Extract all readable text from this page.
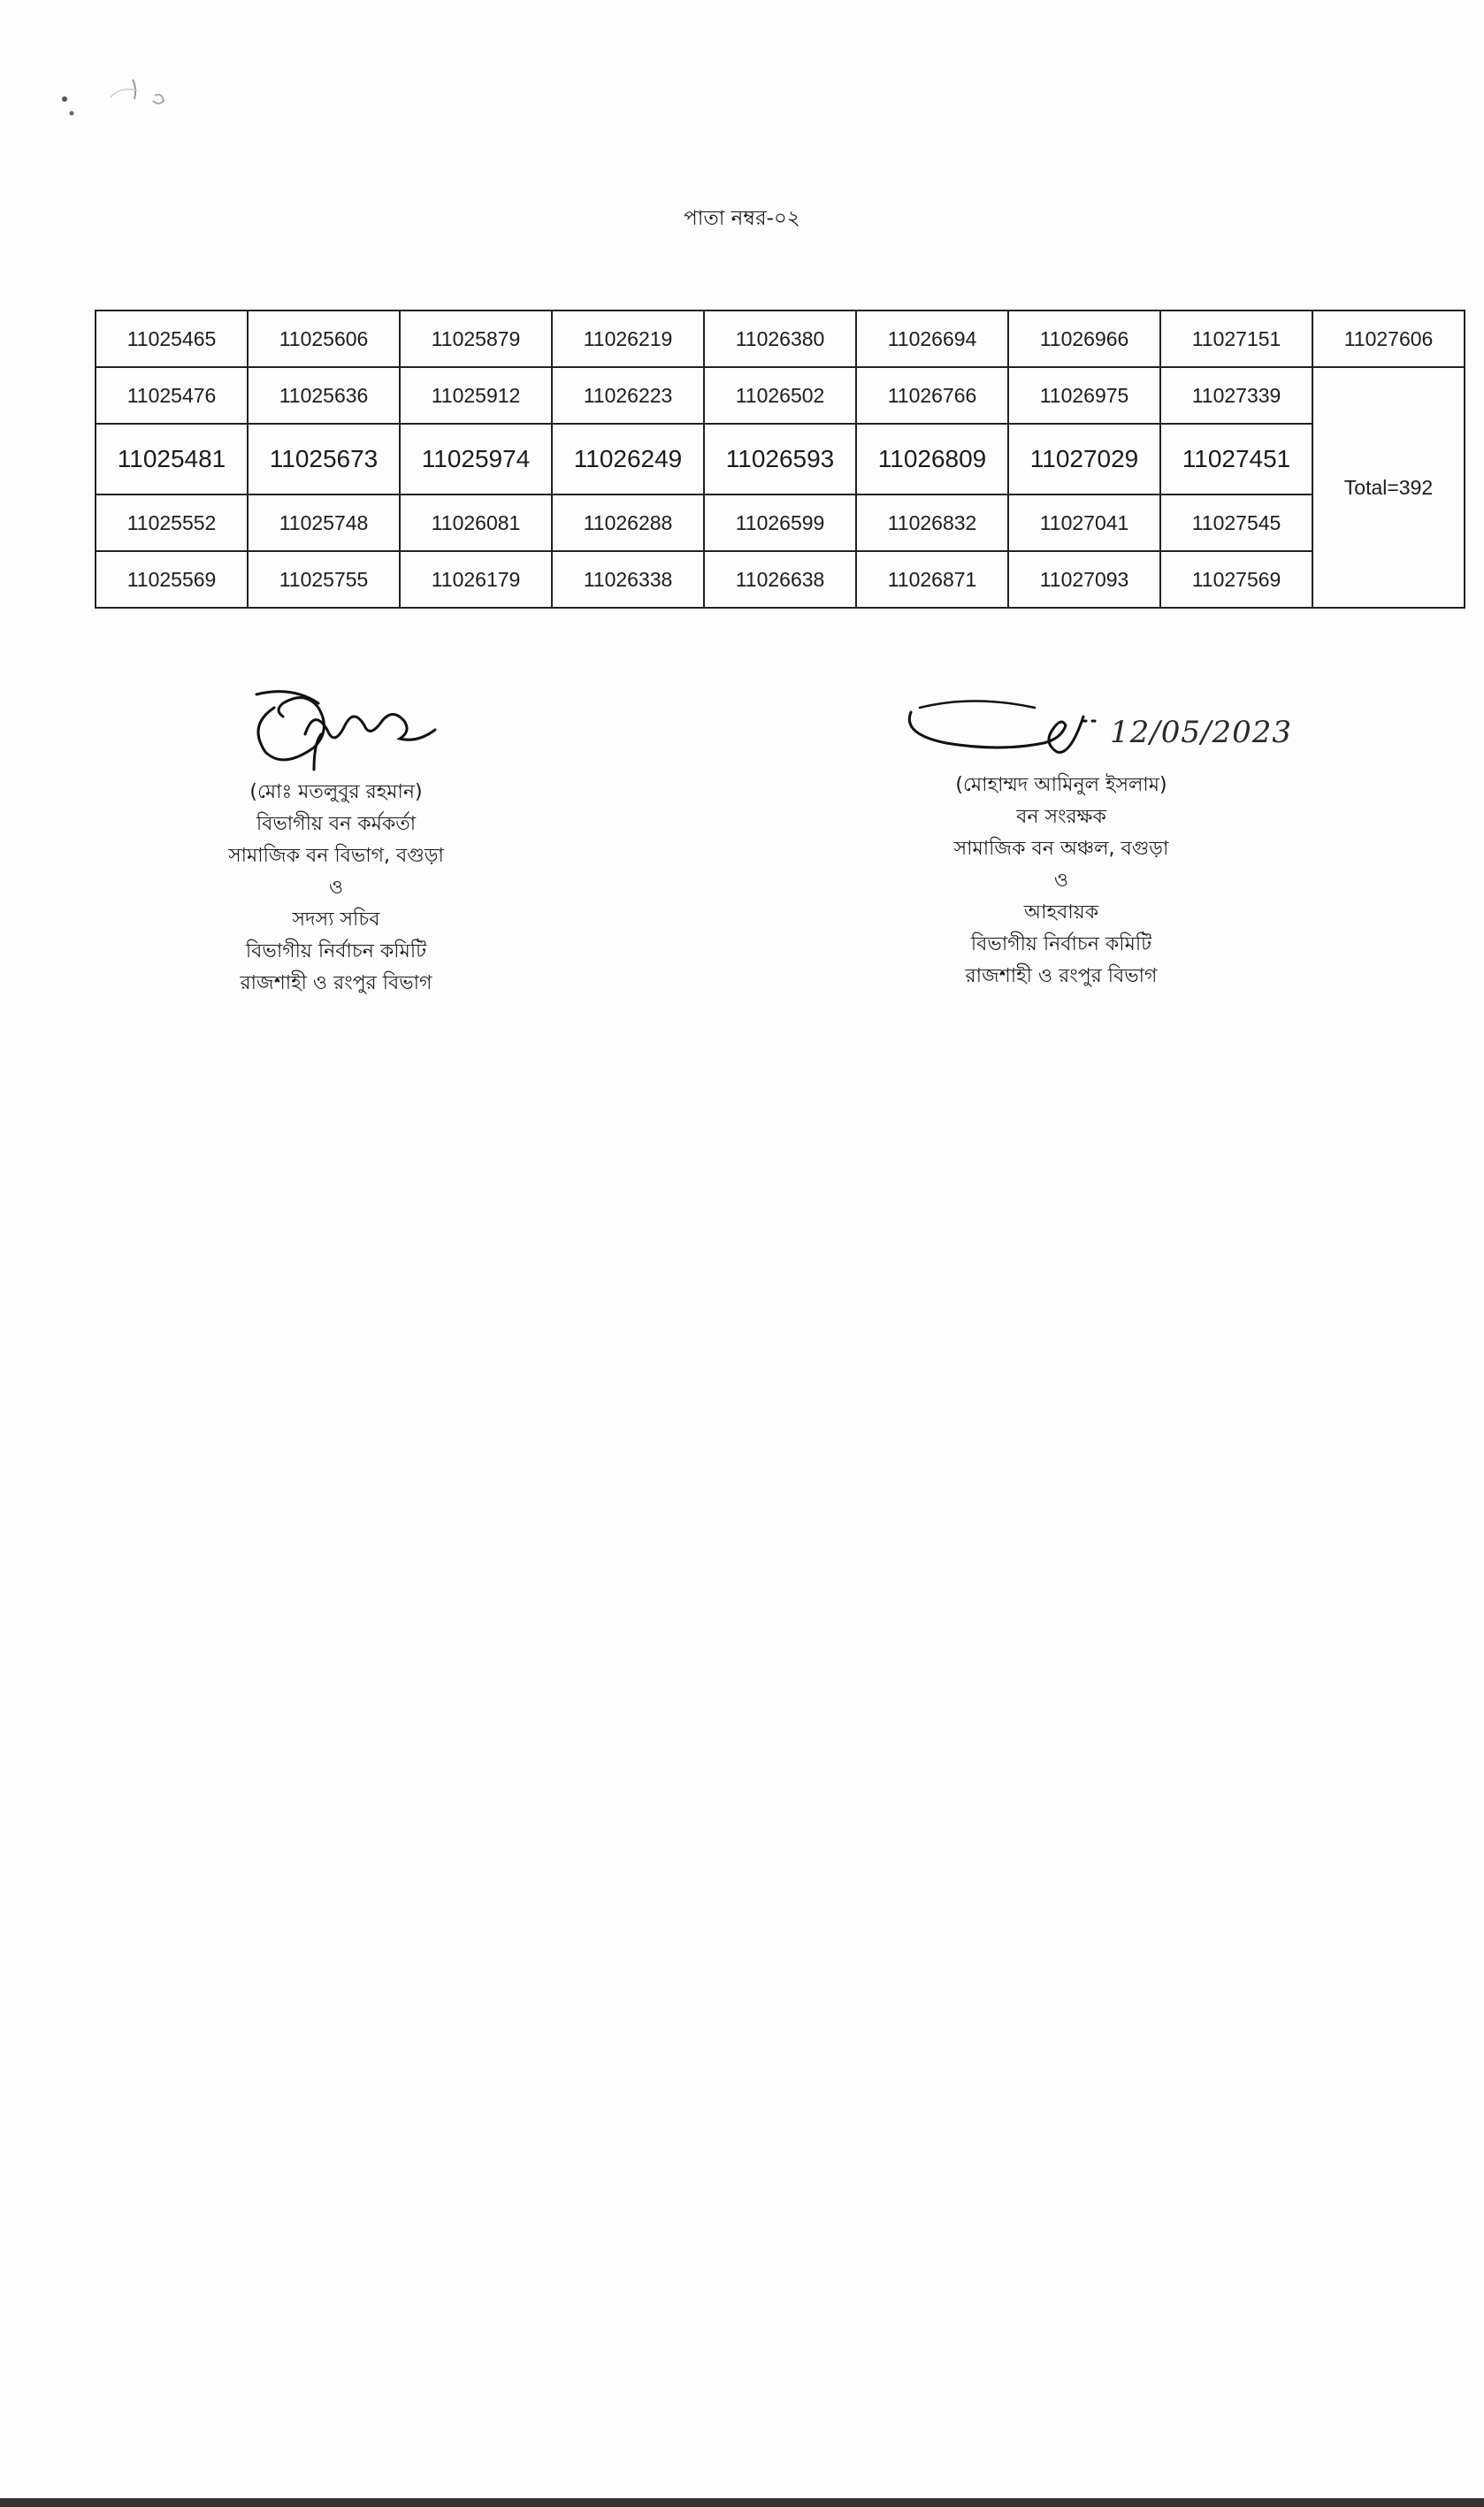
পাতা নম্বর-০২
11025465	11025606	11025879	11026219	11026380	11026694	11026966	11027151	11027606
11025476	11025636	11025912	11026223	11026502	11026766	11026975	11027339	Total=392
11025481	11025673	11025974	11026249	11026593	11026809	11027029	11027451	
11025552	11025748	11026081	11026288	11026599	11026832	11027041	11027545	
11025569	11025755	11026179	11026338	11026638	11026871	11027093	11027569	
(মোঃ মতলুবুর রহমান)
বিভাগীয় বন কর্মকর্তা
সামাজিক বন বিভাগ, বগুড়া
ও
সদস্য সচিব
বিভাগীয় নির্বাচন কমিটি
রাজশাহী ও রংপুর বিভাগ
(মোহাম্মদ আমিনুল ইসলাম)
বন সংরক্ষক
সামাজিক বন অঞ্চল, বগুড়া
ও
আহবায়ক
বিভাগীয় নির্বাচন কমিটি
রাজশাহী ও রংপুর বিভাগ
12/05/2023
